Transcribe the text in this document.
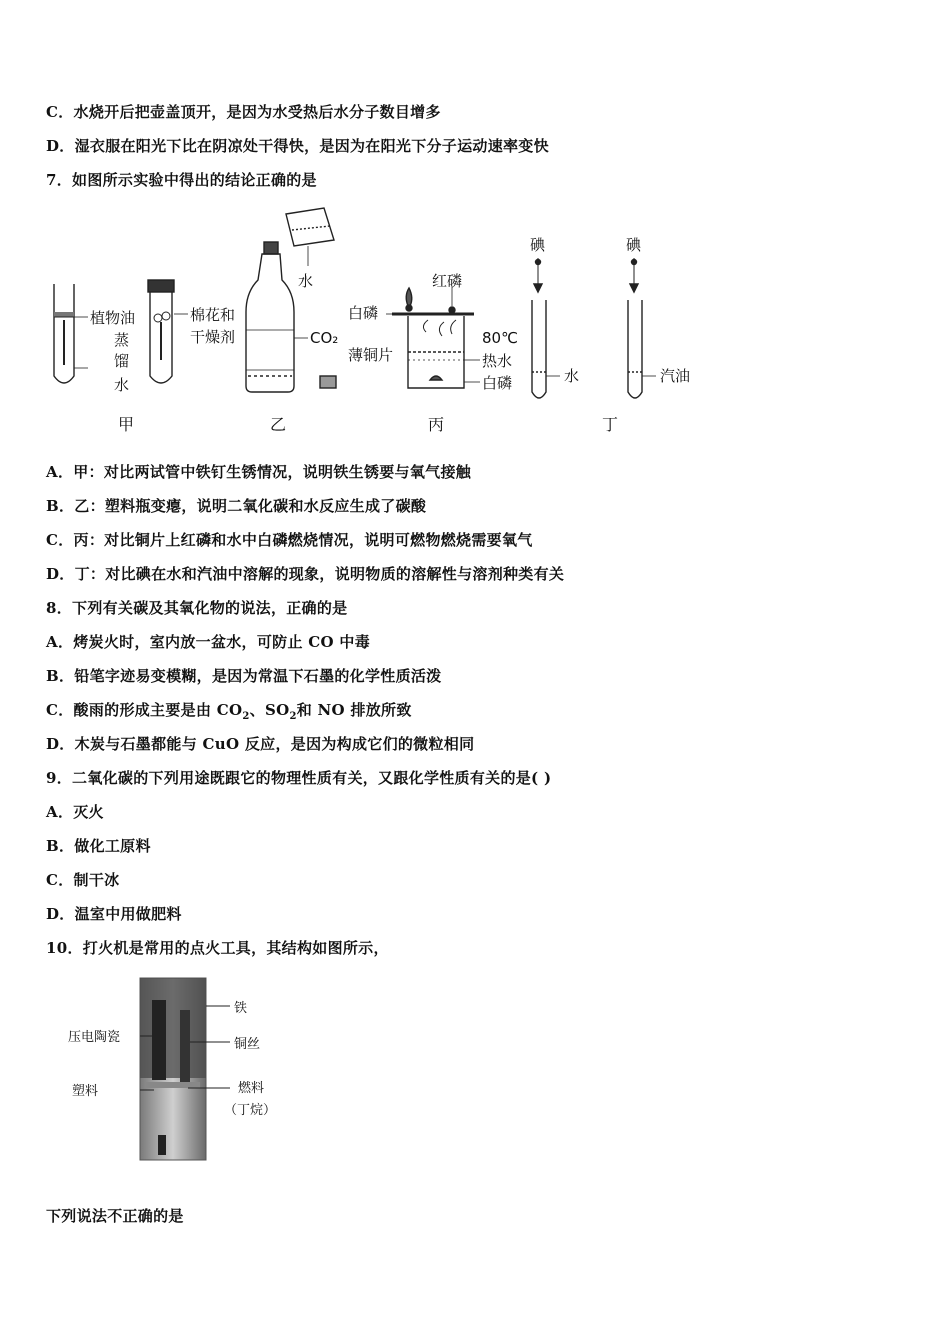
C．水烧开后把壶盖顶开，是因为水受热后水分子数目增多
D．湿衣服在阳光下比在阴凉处干得快，是因为在阳光下分子运动速率变快
7．如图所示实验中得出的结论正确的是
植物油
蒸
馏
水
棉花和
干燥剂
甲
水
CO₂
乙
红磷
白磷
薄铜片
80℃
热水
白磷
丙
碘	碘
水	汽油
丁
A．甲：对比两试管中铁钉生锈情况，说明铁生锈要与氧气接触
B．乙：塑料瓶变瘪，说明二氧化碳和水反应生成了碳酸
C．丙：对比铜片上红磷和水中白磷燃烧情况，说明可燃物燃烧需要氧气
D．丁：对比碘在水和汽油中溶解的现象，说明物质的溶解性与溶剂种类有关
8．下列有关碳及其氧化物的说法，正确的是
A．烤炭火时，室内放一盆水，可防止 CO 中毒
B．铅笔字迹易变模糊，是因为常温下石墨的化学性质活泼
C．酸雨的形成主要是由 $CO_2$、$SO_2$和 NO 排放所致
D．木炭与石墨都能与 CuO 反应，是因为构成它们的微粒相同
9．二氧化碳的下列用途既跟它的物理性质有关，又跟化学性质有关的是( )
A．灭火
B．做化工原料
C．制干冰
D．温室中用做肥料
10．打火机是常用的点火工具，其结构如图所示，
铁
压电陶瓷	铜丝
塑料	燃料
（丁烷）
下列说法不正确的是
